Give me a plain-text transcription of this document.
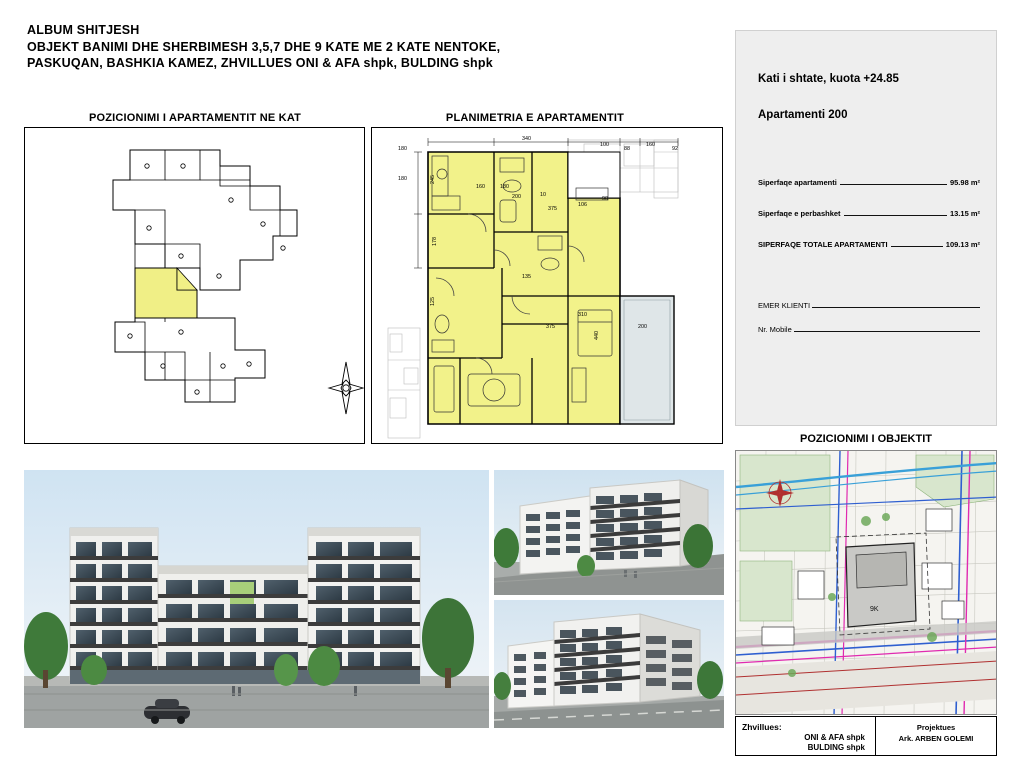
ALBUM SHITJESH
OBJEKT BANIMI DHE SHERBIMESH 3,5,7 DHE 9 KATE ME 2 KATE NENTOKE,
PASKUQAN, BASHKIA KAMEZ, ZHVILLUES ONI & AFA shpk, BULDING shpk
POZICIONIMI I APARTAMENTIT NE KAT	PLANIMETRIA E APARTAMENTIT
180
340
100
88
160
92
180	245
160	180
200	10
375
106
90
178
135
125
375
310
200
440
Kati i shtate, kuota +24.85
Apartamenti 200
Siperfaqe apartamenti	95.98 m²
Siperfaqe e perbashket	13.15 m²
SIPERFAQE TOTALE APARTAMENTI	109.13 m²
EMER KLIENTI
Nr. Mobile
POZICIONIMI I OBJEKTIT
9K
Zhvillues:
ONI & AFA shpk
BULDING shpk
Projektues
Ark. ARBEN GOLEMI
